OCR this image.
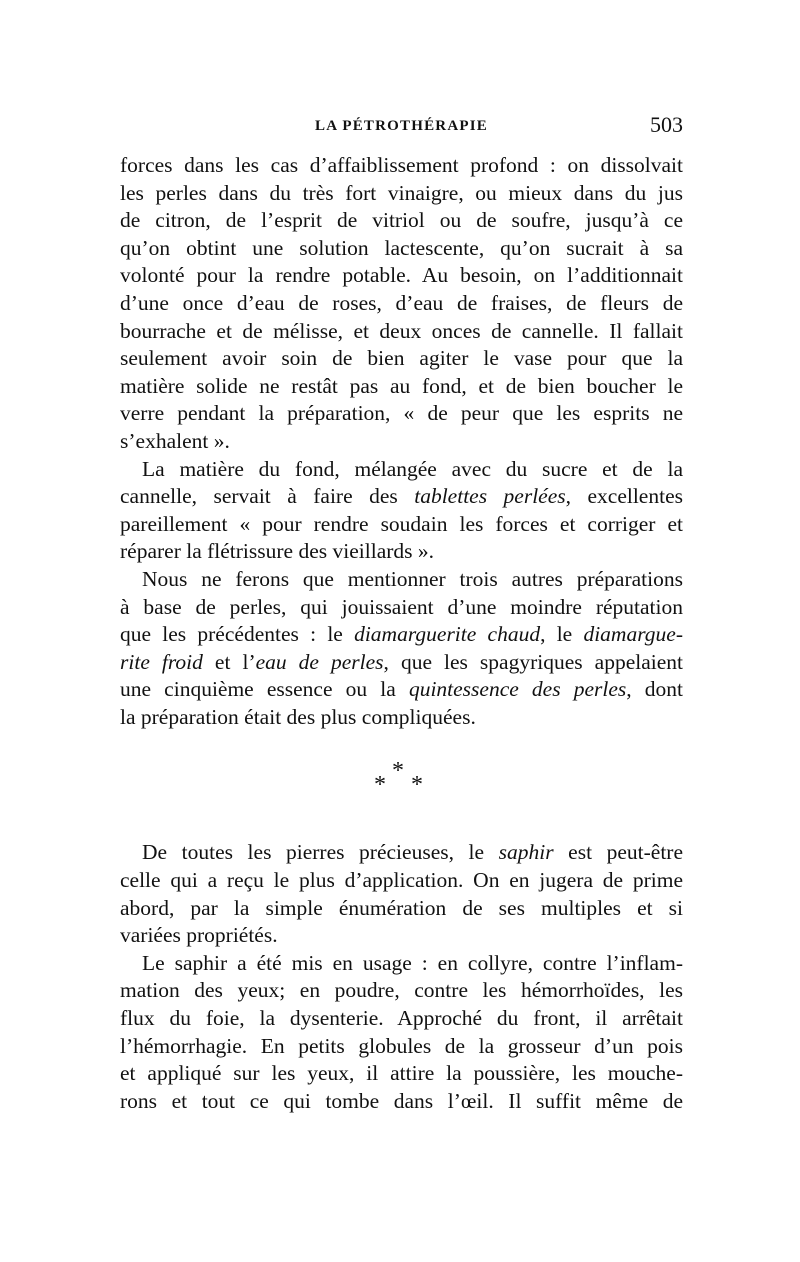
LA PÉTROTHÉRAPIE	503

forces dans les cas d’affaiblissement profond : on dissolvait
les perles dans du très fort vinaigre, ou mieux dans du jus
de citron, de l’esprit de vitriol ou de soufre, jusqu’à ce
qu’on obtint une solution lactescente, qu’on sucrait à sa
volonté pour la rendre potable. Au besoin, on l’additionnait
d’une once d’eau de roses, d’eau de fraises, de fleurs de
bourrache et de mélisse, et deux onces de cannelle. Il fallait
seulement avoir soin de bien agiter le vase pour que la
matière solide ne restât pas au fond, et de bien boucher le
verre pendant la préparation, « de peur que les esprits ne
s’exhalent ».

La matière du fond, mélangée avec du sucre et de la
cannelle, servait à faire des tablettes perlées, excellentes
pareillement « pour rendre soudain les forces et corriger et
réparer la flétrissure des vieillards ».

Nous ne ferons que mentionner trois autres préparations
à base de perles, qui jouissaient d’une moindre réputation
que les précédentes : le diamarguerite chaud, le diamargue-
rite froid et l’eau de perles, que les spagyriques appelaient
une cinquième essence ou la quintessence des perles, dont
la préparation était des plus compliquées.

*
* *

De toutes les pierres précieuses, le saphir est peut-être
celle qui a reçu le plus d’application. On en jugera de prime
abord, par la simple énumération de ses multiples et si
variées propriétés.

Le saphir a été mis en usage : en collyre, contre l’inflam-
mation des yeux; en poudre, contre les hémorrhoïdes, les
flux du foie, la dysenterie. Approché du front, il arrêtait
l’hémorrhagie. En petits globules de la grosseur d’un pois
et appliqué sur les yeux, il attire la poussière, les mouche-
rons et tout ce qui tombe dans l’œil. Il suffit même de
